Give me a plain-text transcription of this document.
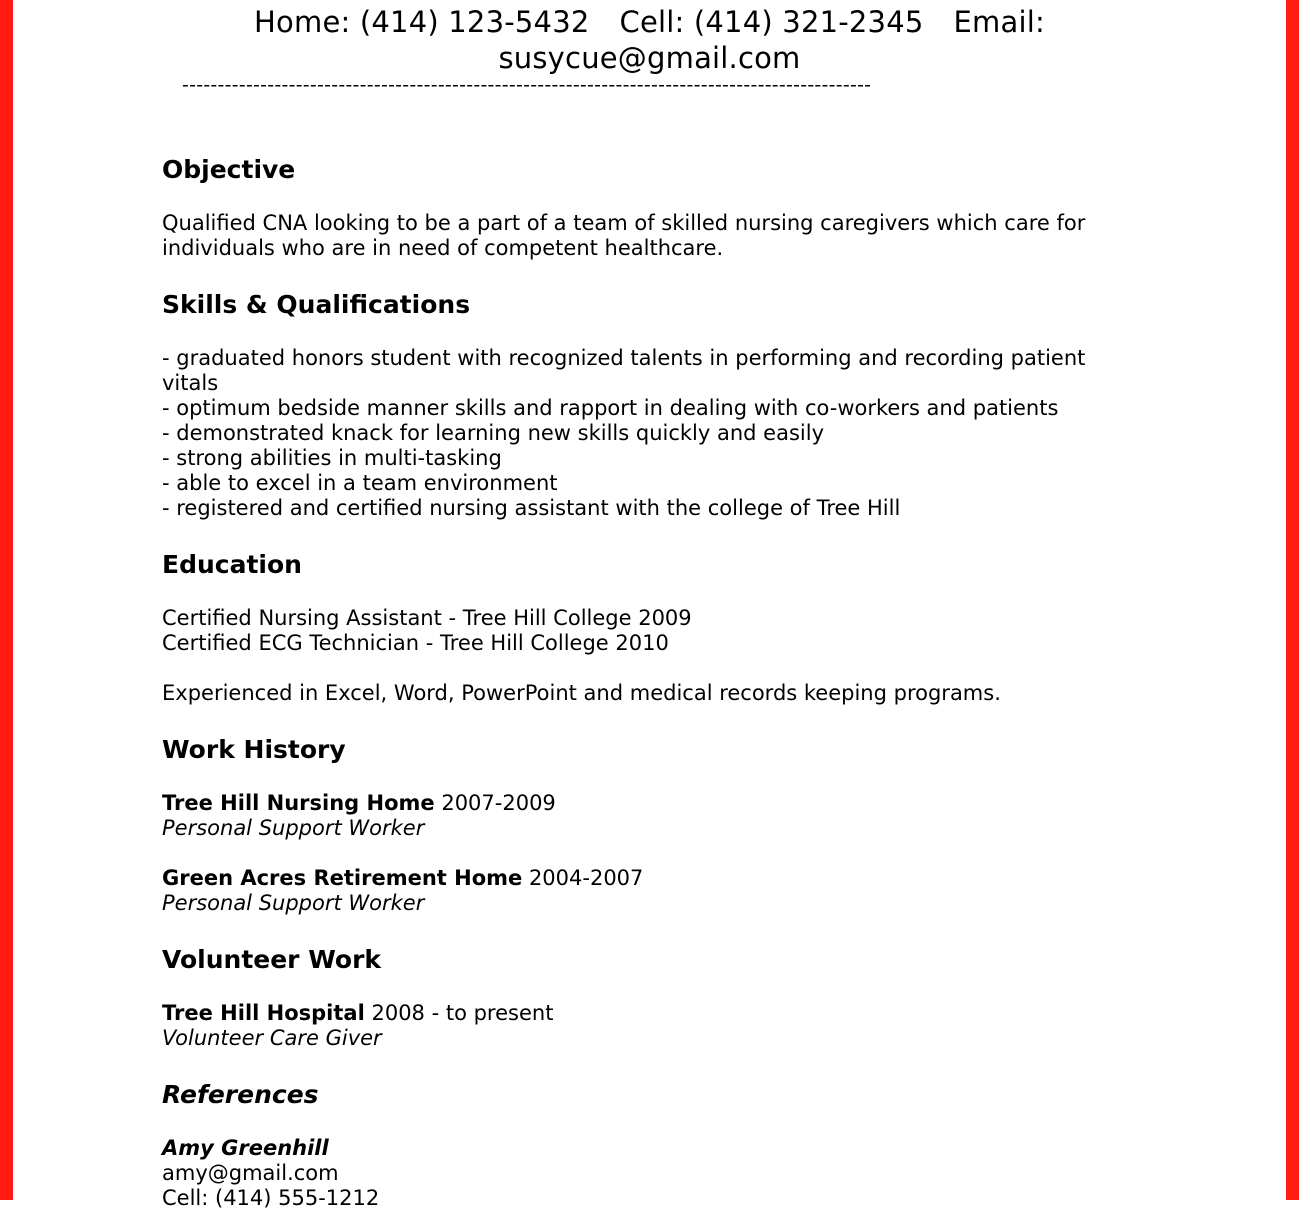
Home: (414) 123-5432 Cell: (414) 321-2345 Email:
susycue@gmail.com
-------------------------------------------------------------------------------------------------
Objective
Qualified CNA looking to be a part of a team of skilled nursing caregivers which care for
individuals who are in need of competent healthcare.
Skills & Qualifications
- graduated honors student with recognized talents in performing and recording patient
vitals
- optimum bedside manner skills and rapport in dealing with co-workers and patients
- demonstrated knack for learning new skills quickly and easily
- strong abilities in multi-tasking
- able to excel in a team environment
- registered and certified nursing assistant with the college of Tree Hill
Education
Certified Nursing Assistant - Tree Hill College 2009
Certified ECG Technician - Tree Hill College 2010
Experienced in Excel, Word, PowerPoint and medical records keeping programs.
Work History
Tree Hill Nursing Home 2007-2009
Personal Support Worker
Green Acres Retirement Home 2004-2007
Personal Support Worker
Volunteer Work
Tree Hill Hospital 2008 - to present
Volunteer Care Giver
References
Amy Greenhill
amy@gmail.com
Cell: (414) 555-1212
